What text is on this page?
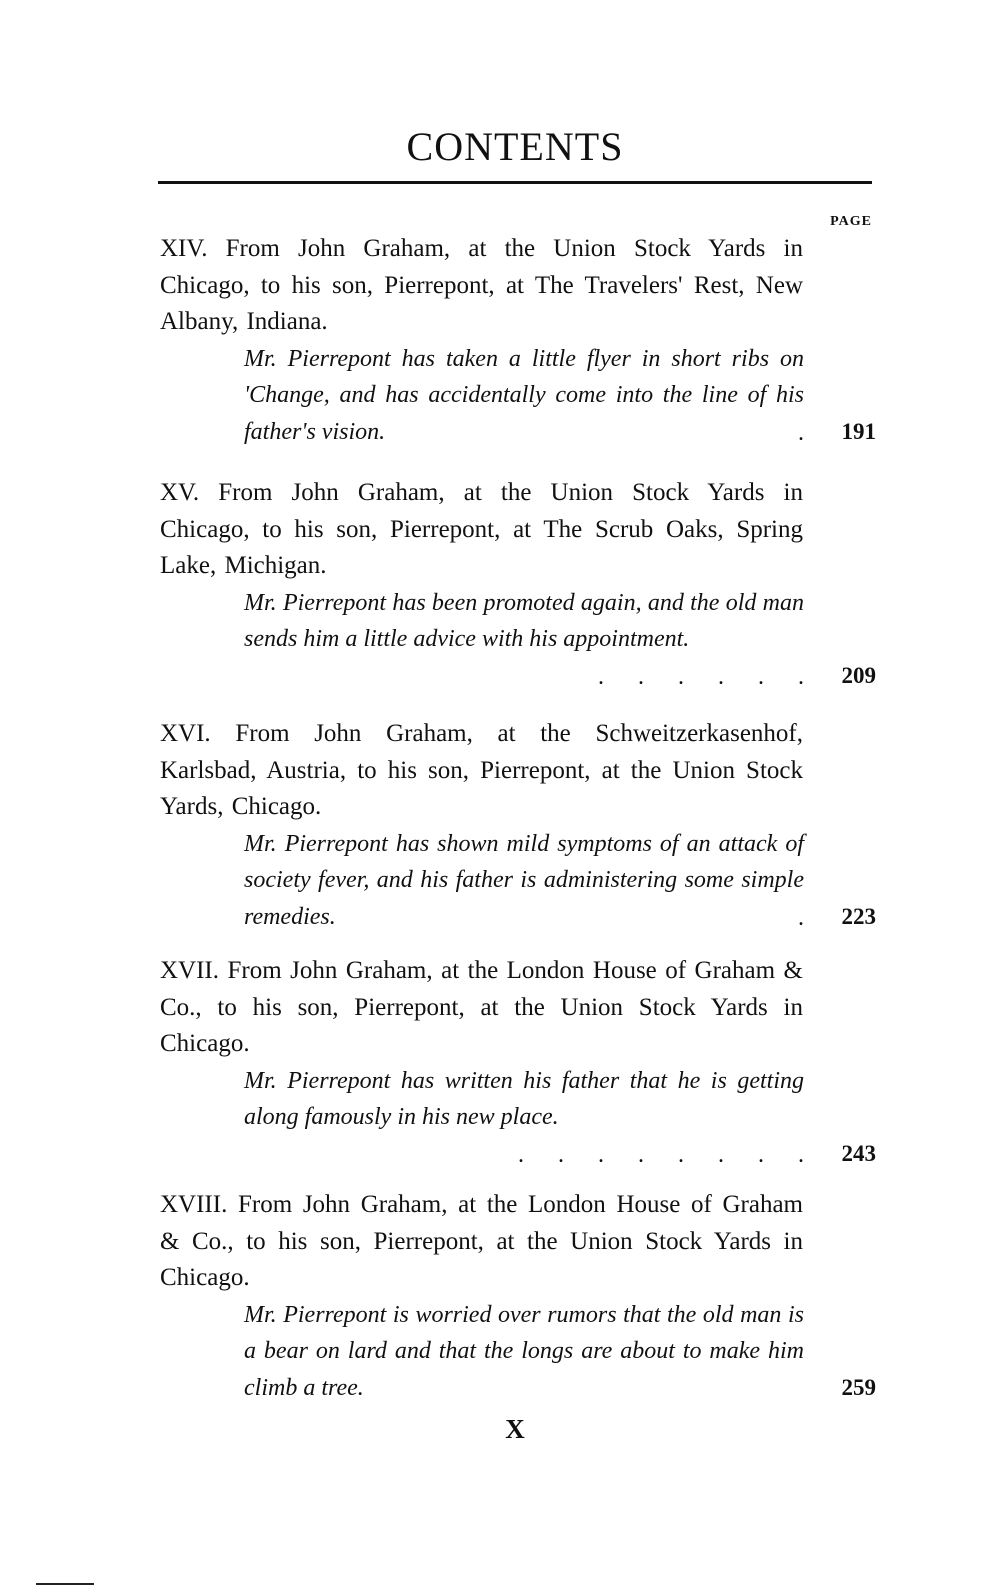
CONTENTS
PAGE
XIV. From John Graham, at the Union Stock Yards in Chicago, to his son, Pierrepont, at The Travelers' Rest, New Albany, Indiana.
Mr. Pierrepont has taken a little flyer in short ribs on 'Change, and has accidentally come into the line of his father's vision.	. 191
XV. From John Graham, at the Union Stock Yards in Chicago, to his son, Pierrepont, at The Scrub Oaks, Spring Lake, Michigan.
Mr. Pierrepont has been promoted again, and the old man sends him a little advice with his appointment.
. . . . . . 209
XVI. From John Graham, at the Schweitzerkasenhof, Karlsbad, Austria, to his son, Pierrepont, at the Union Stock Yards, Chicago.
Mr. Pierrepont has shown mild symptoms of an attack of society fever, and his father is administering some simple remedies.	. 223
XVII. From John Graham, at the London House of Graham & Co., to his son, Pierrepont, at the Union Stock Yards in Chicago.
Mr. Pierrepont has written his father that he is getting along famously in his new place.
. . . . . . . . 243
XVIII. From John Graham, at the London House of Graham & Co., to his son, Pierrepont, at the Union Stock Yards in Chicago.
Mr. Pierrepont is worried over rumors that the old man is a bear on lard and that the longs are about to make him climb a tree.	259
X
